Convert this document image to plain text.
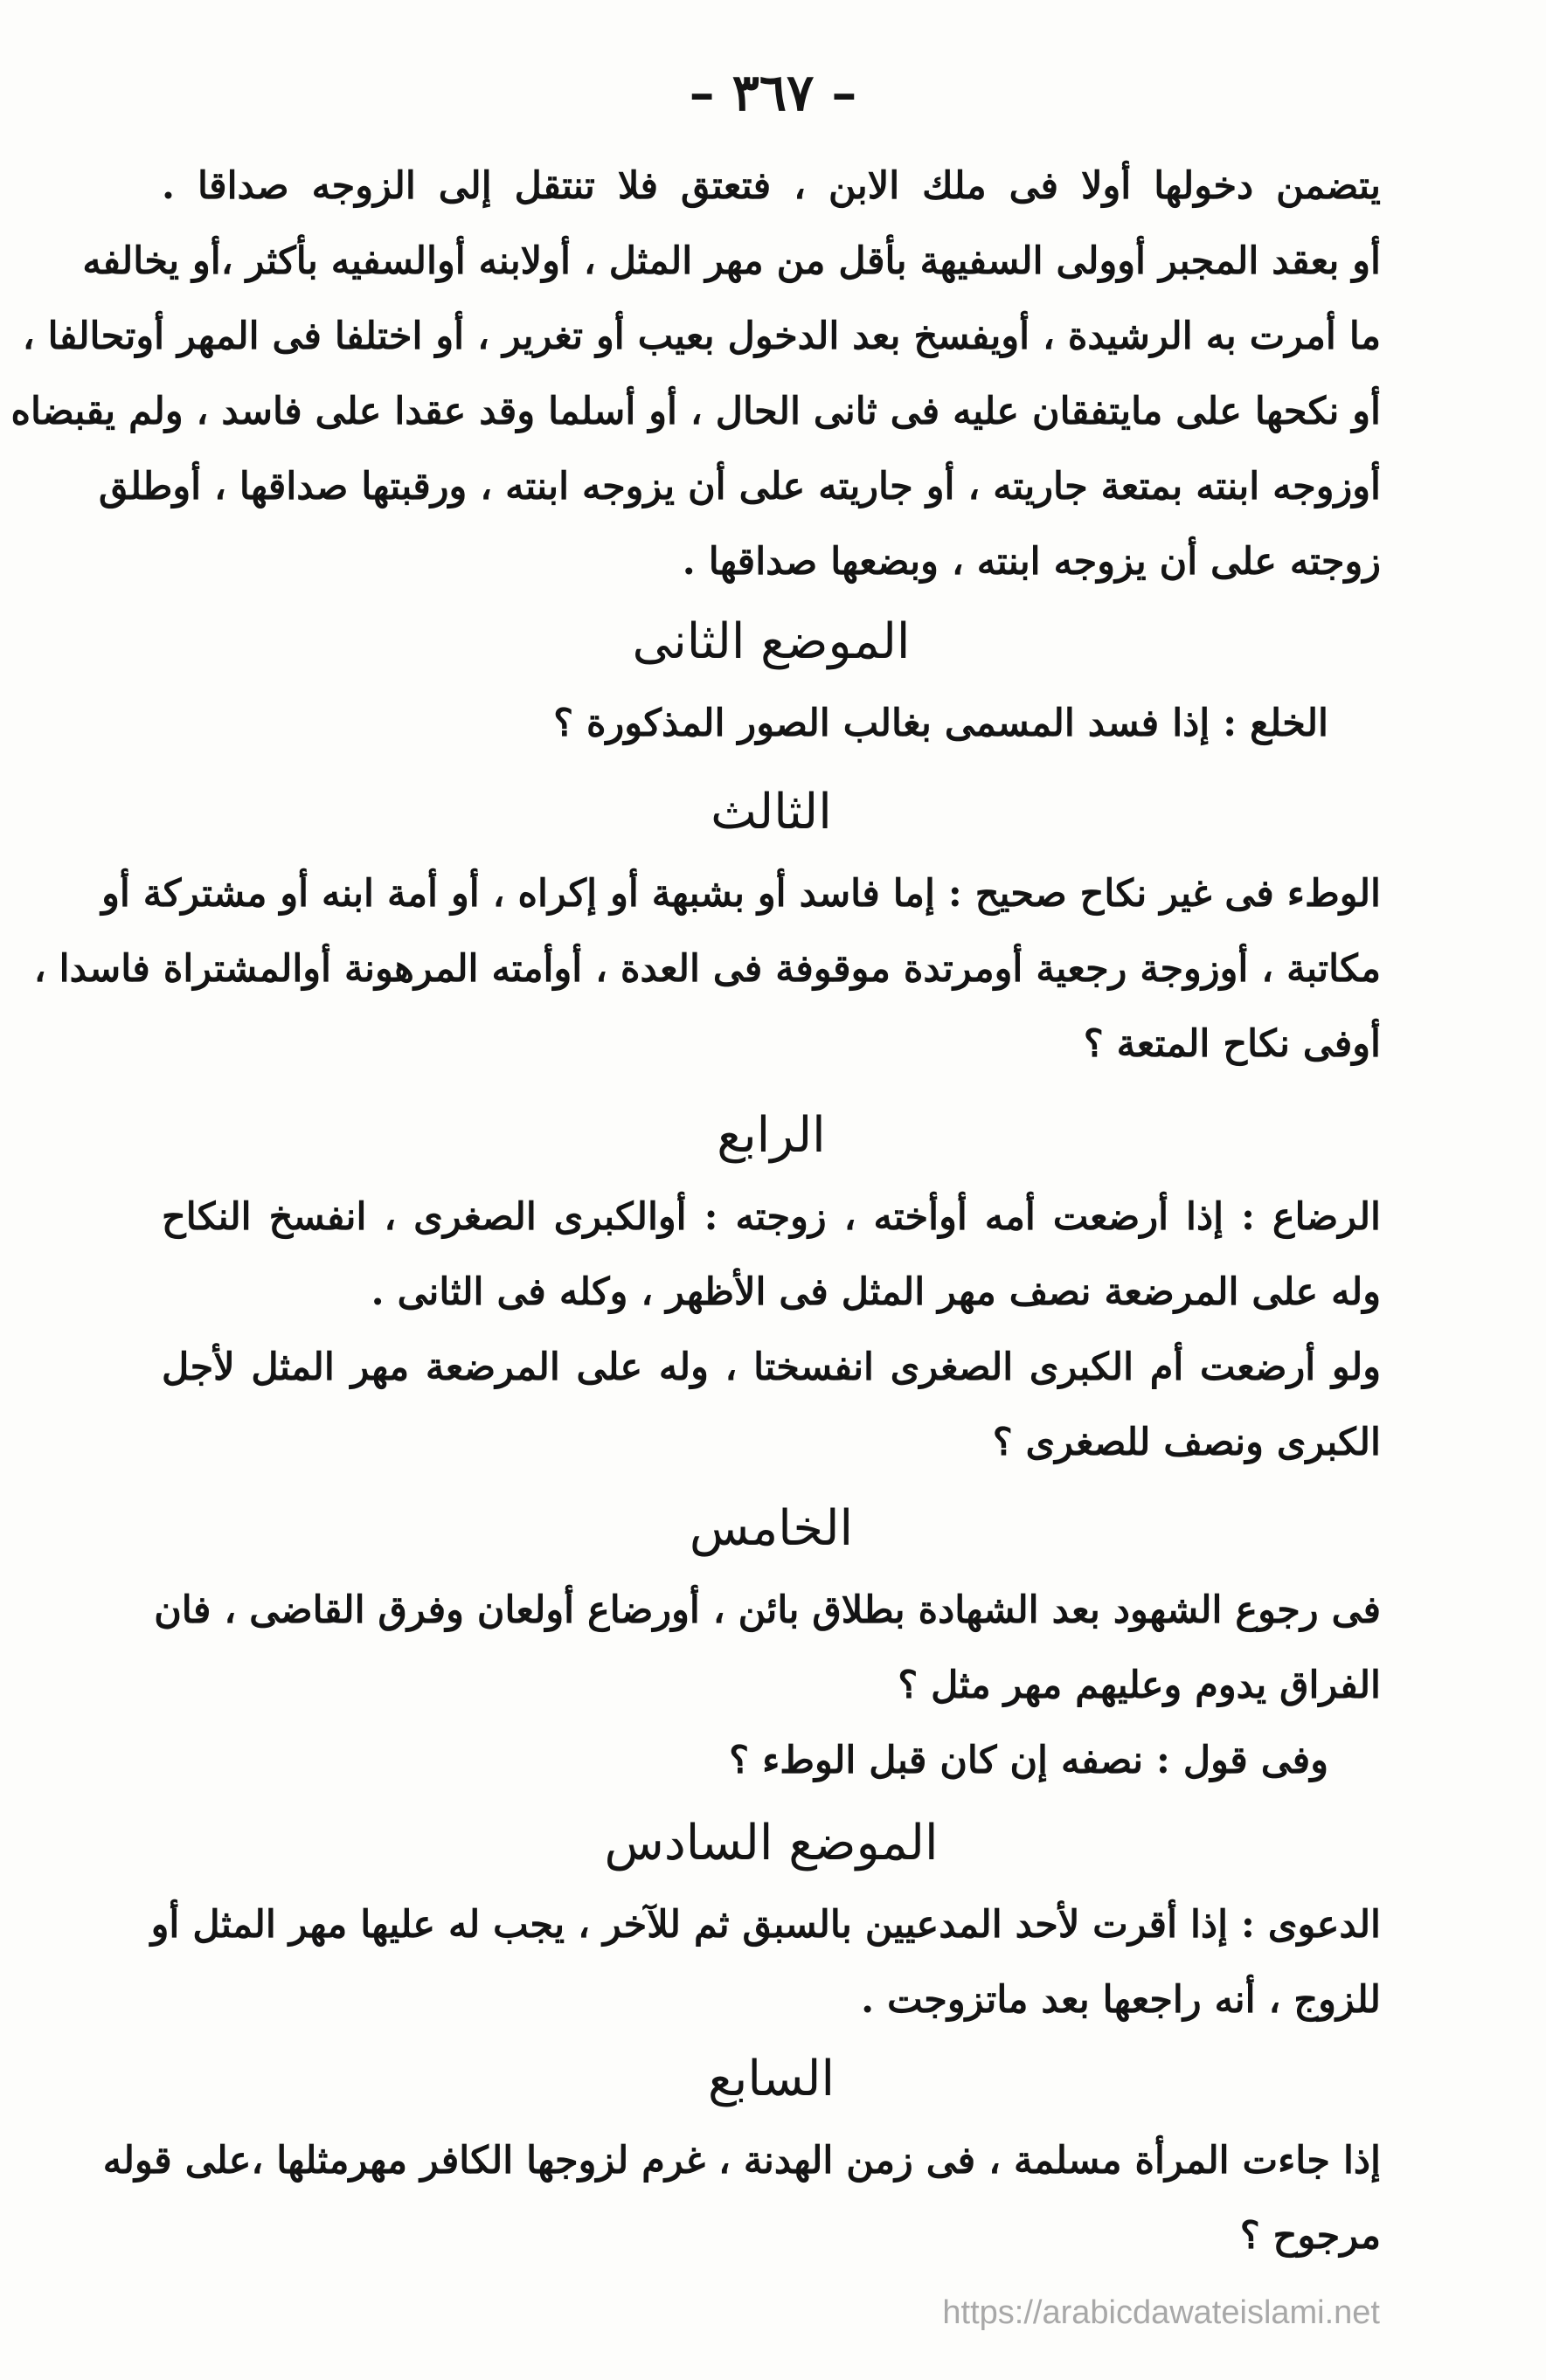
– ٣٦٧ –

يتضمن دخولها أولا فى ملك الابن ، فتعتق فلا تنتقل إلى الزوجه صداقا .

أو بعقد المجبر أوولى السفيهة بأقل من مهر المثل ، أولابنه أوالسفيه بأكثر ،أو يخالفه

ما أمرت به الرشيدة ، أويفسخ بعد الدخول بعيب أو تغرير ، أو اختلفا فى المهر أوتحالفا ،

أو نكحها على مايتفقان عليه فى ثانى الحال ، أو أسلما وقد عقدا على فاسد ، ولم يقبضاه

أوزوجه ابنته بمتعة جاريته ، أو جاريته على أن يزوجه ابنته ، ورقبتها صداقها ، أوطلق

زوجته على أن يزوجه ابنته ، وبضعها صداقها .

الموضع الثانى

الخلع : إذا فسد المسمى بغالب الصور المذكورة ؟

الثالث

الوطء فى غير نكاح صحيح : إما فاسد أو بشبهة أو إكراه ، أو أمة ابنه أو مشتركة أو

مكاتبة ، أوزوجة رجعية أومرتدة موقوفة فى العدة ، أوأمته المرهونة أوالمشتراة فاسدا ،

أوفى نكاح المتعة ؟

الرابع

الرضاع : إذا أرضعت أمه أوأخته ، زوجته : أوالكبرى الصغرى ، انفسخ النكاح

وله على المرضعة نصف مهر المثل فى الأظهر ، وكله فى الثانى .

ولو أرضعت أم الكبرى الصغرى انفسختا ، وله على المرضعة مهر المثل لأجل

الكبرى ونصف للصغرى ؟

الخامس

فى رجوع الشهود بعد الشهادة بطلاق بائن ، أورضاع أولعان وفرق القاضى ، فان

الفراق يدوم وعليهم مهر مثل ؟

وفى قول : نصفه إن كان قبل الوطء ؟

الموضع السادس

الدعوى : إذا أقرت لأحد المدعيين بالسبق ثم للآخر ، يجب له عليها مهر المثل أو

للزوج ، أنه راجعها بعد ماتزوجت .

السابع

إذا جاءت المرأة مسلمة ، فى زمن الهدنة ، غرم لزوجها الكافر مهرمثلها ،على قوله

مرجوح ؟

https://arabicdawateislami.net
